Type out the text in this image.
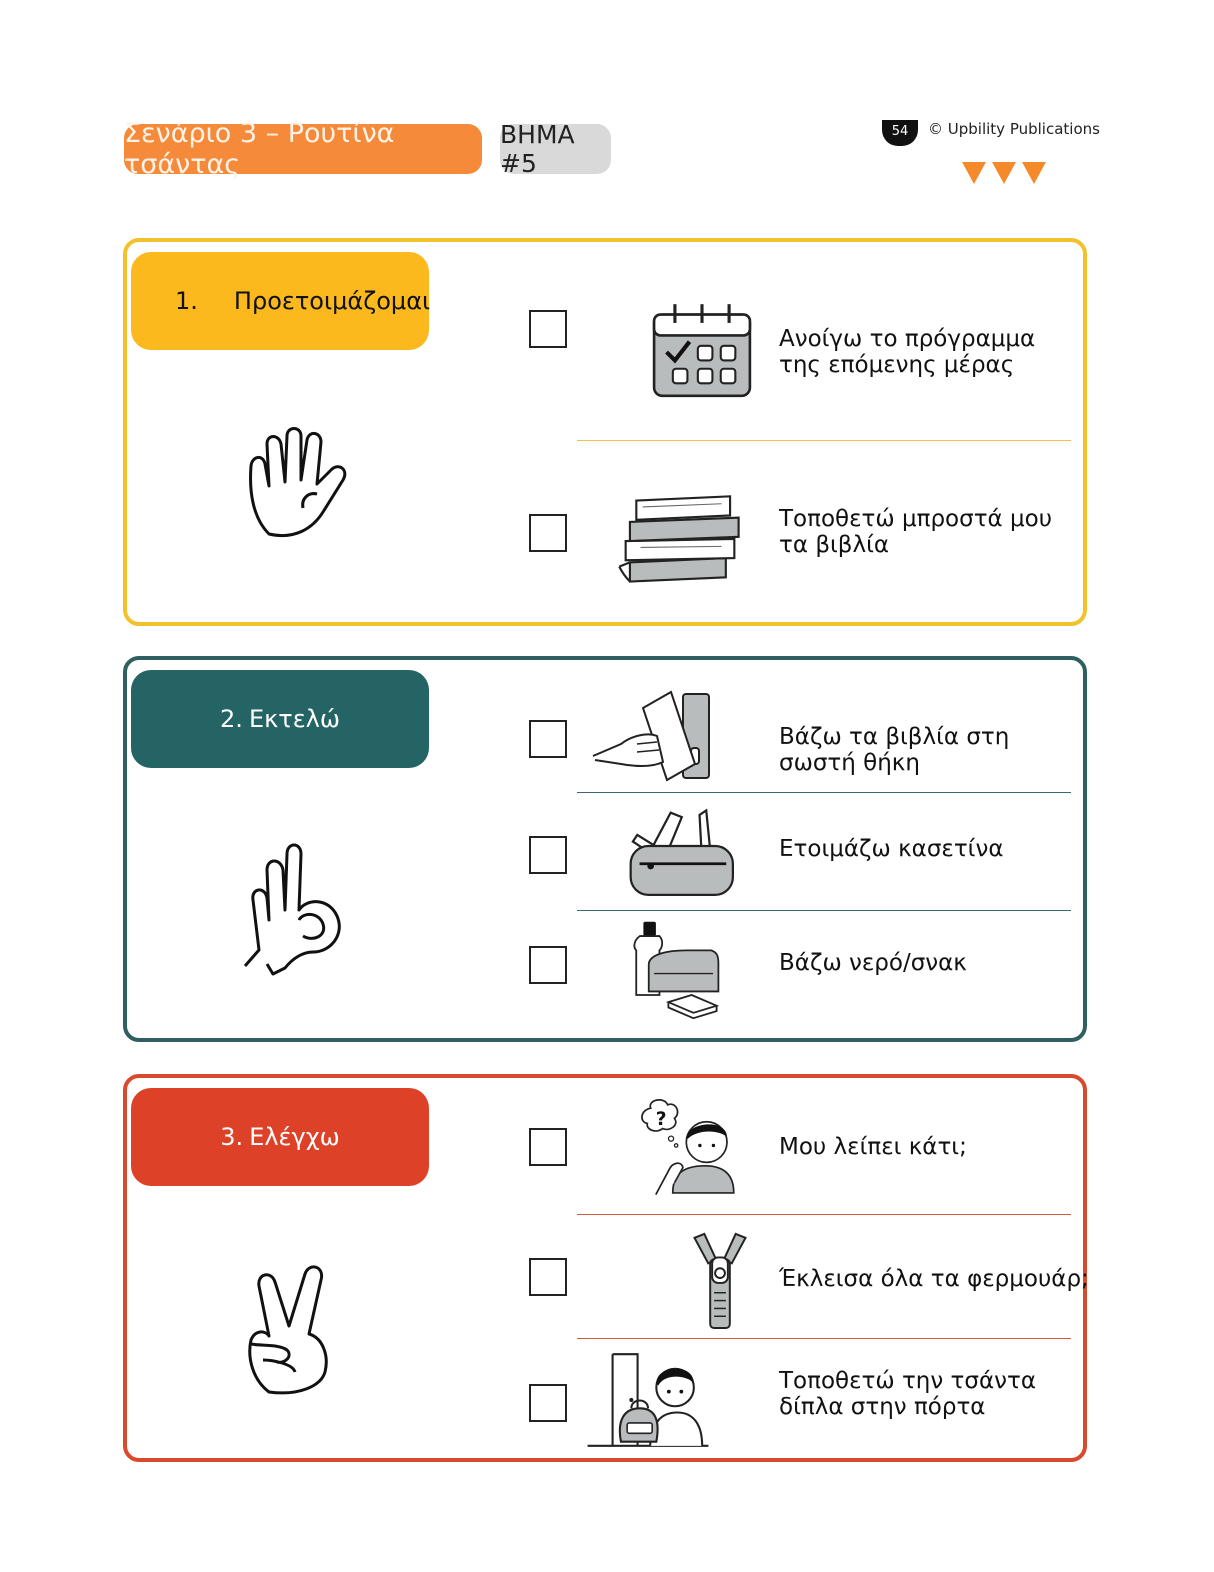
Σενάριο 3 – Ρουτίνα τσάντας
ΒΗΜΑ #5
54	© Upbility Publications
1. Προετοιμάζομαι
Ανοίγω το πρόγραμμα της επόμενης μέρας
Τοποθετώ μπροστά μου τα βιβλία
2. Εκτελώ
Βάζω τα βιβλία στη σωστή θήκη
Ετοιμάζω κασετίνα
Βάζω νερό/σνακ
3. Ελέγχω
?
Μου λείπει κάτι;
Έκλεισα όλα τα φερμουάρ;
Τοποθετώ την τσάντα δίπλα στην πόρτα
